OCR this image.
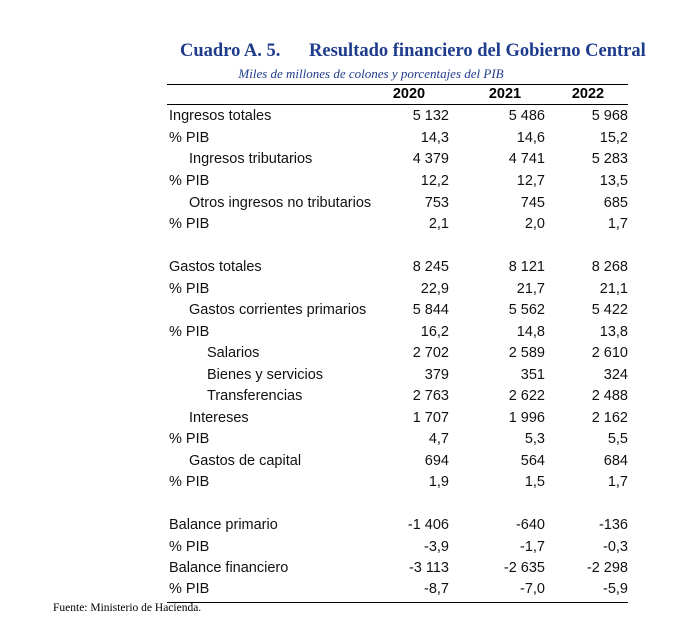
Cuadro A. 5. Resultado financiero del Gobierno Central
Miles de millones de colones y porcentajes del PIB
2020	2021	2022
Ingresos totales	5 132	5 486	5 968
% PIB	14,3	14,6	15,2
Ingresos tributarios	4 379	4 741	5 283
% PIB	12,2	12,7	13,5
Otros ingresos no tributarios	753	745	685
% PIB	2,1	2,0	1,7
Gastos totales	8 245	8 121	8 268
% PIB	22,9	21,7	21,1
Gastos corrientes primarios	5 844	5 562	5 422
% PIB	16,2	14,8	13,8
Salarios	2 702	2 589	2 610
Bienes y servicios	379	351	324
Transferencias	2 763	2 622	2 488
Intereses	1 707	1 996	2 162
% PIB	4,7	5,3	5,5
Gastos de capital	694	564	684
% PIB	1,9	1,5	1,7
Balance primario	-1 406	-640	-136
% PIB	-3,9	-1,7	-0,3
Balance financiero	-3 113	-2 635	-2 298
% PIB	-8,7	-7,0	-5,9
Fuente: Ministerio de Hacienda.
